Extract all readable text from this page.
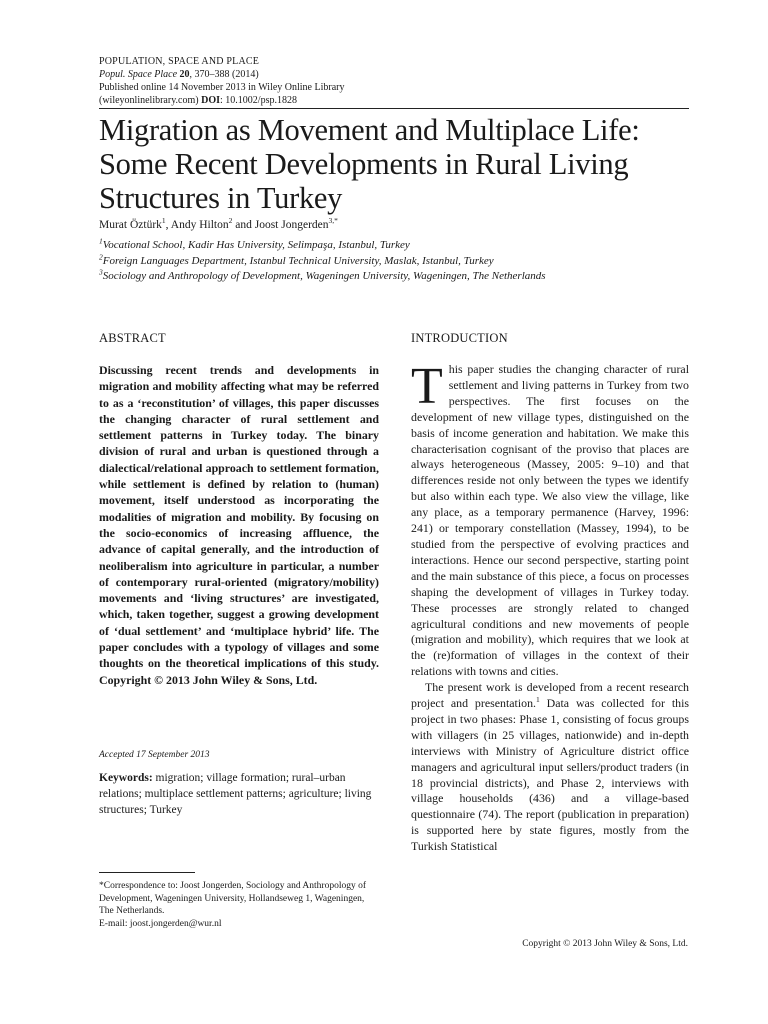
POPULATION, SPACE AND PLACE
Popul. Space Place 20, 370–388 (2014)
Published online 14 November 2013 in Wiley Online Library
(wileyonlinelibrary.com) DOI: 10.1002/psp.1828
Migration as Movement and Multiplace Life: Some Recent Developments in Rural Living Structures in Turkey
Murat Öztürk$^1$, Andy Hilton$^2$ and Joost Jongerden$^{3,*}$
$^1$Vocational School, Kadir Has University, Selimpaşa, Istanbul, Turkey
$^2$Foreign Languages Department, Istanbul Technical University, Maslak, Istanbul, Turkey
$^3$Sociology and Anthropology of Development, Wageningen University, Wageningen, The Netherlands
ABSTRACT

Discussing recent trends and developments in migration and mobility affecting what may be referred to as a ‘reconstitution’ of villages, this paper discusses the changing character of rural settlement and settlement patterns in Turkey today. The binary division of rural and urban is questioned through a dialectical/relational approach to settlement formation, while settlement is defined by relation to (human) movement, itself understood as incorporating the modalities of migration and mobility. By focusing on the socio-economics of increasing affluence, the advance of capital generally, and the introduction of neoliberalism into agriculture in particular, a number of contemporary rural-oriented (migratory/mobility) movements and ‘living structures’ are investigated, which, taken together, suggest a growing development of ‘dual settlement’ and ‘multiplace hybrid’ life. The paper concludes with a typology of villages and some thoughts on the theoretical implications of this study. Copyright © 2013 John Wiley & Sons, Ltd.

Accepted 17 September 2013

Keywords: migration; village formation; rural–urban relations; multiplace settlement patterns; agriculture; living structures; Turkey

*Correspondence to: Joost Jongerden, Sociology and Anthropology of Development, Wageningen University, Hollandseweg 1, Wageningen, The Netherlands.
E-mail: joost.jongerden@wur.nl
INTRODUCTION

This paper studies the changing character of rural settlement and living patterns in Turkey from two perspectives. The first focuses on the development of new village types, distinguished on the basis of income generation and habitation. We make this characterisation cognisant of the proviso that places are always heterogeneous (Massey, 2005: 9–10) and that differences reside not only between the types we identify but also within each type. We also view the village, like any place, as a temporary permanence (Harvey, 1996: 241) or temporary constellation (Massey, 1994), to be studied from the perspective of evolving practices and interactions. Hence our second perspective, starting point and the main substance of this piece, a focus on processes shaping the development of villages in Turkey today. These processes are strongly related to changed agricultural conditions and new movements of people (migration and mobility), which requires that we look at the (re)formation of villages in the context of their relations with towns and cities.

The present work is developed from a recent research project and presentation.$^1$ Data was collected for this project in two phases: Phase 1, consisting of focus groups with villagers (in 25 villages, nationwide) and in-depth interviews with Ministry of Agriculture district office managers and agricultural input sellers/product traders (in 18 provincial districts), and Phase 2, interviews with village households (436) and a village-based questionnaire (74). The report (publication in preparation) is supported here by state figures, mostly from the Turkish Statistical

Copyright © 2013 John Wiley & Sons, Ltd.
